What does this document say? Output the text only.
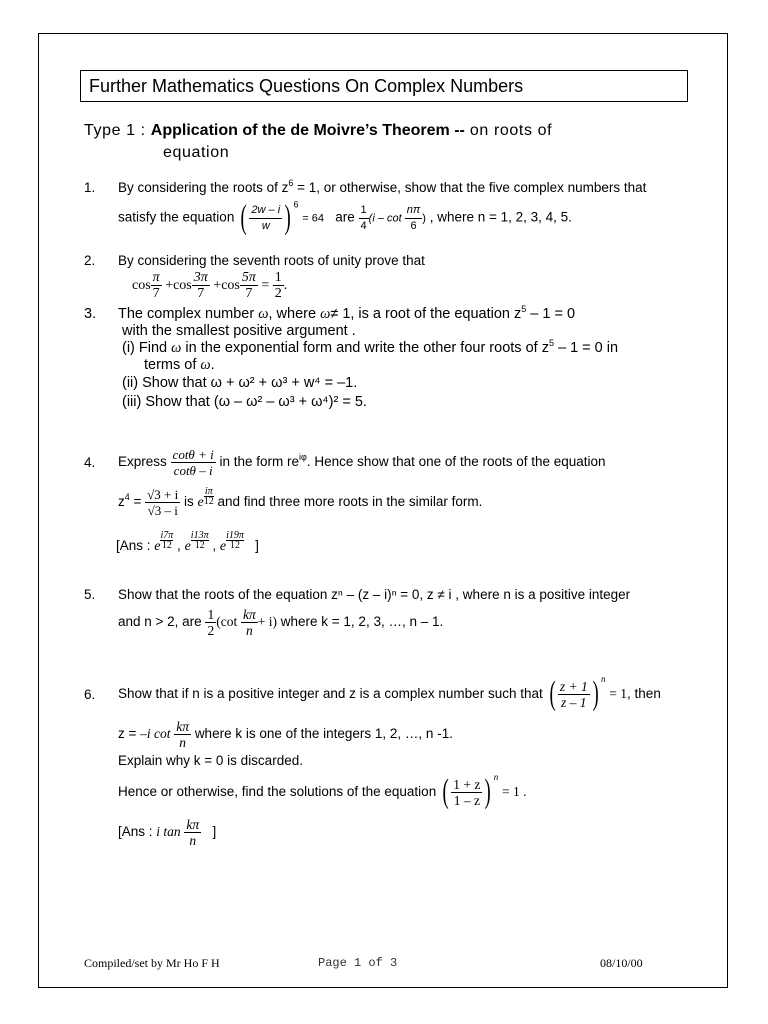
Further Mathematics Questions On Complex Numbers
Type 1 : Application of the de Moivre’s Theorem -- on roots of
equation
1. By considering the roots of $z^6 = 1$, or otherwise, show that the five complex numbers that
satisfy the equation ( $\frac{2w - i}{w}$ ) $^6$ = 64 are $\frac{1}{4} (i$ – $\cot \frac{n\pi}{6}$ ) , where n = 1, 2, 3, 4, 5.
2. By considering the seventh roots of unity prove that
$\cos \frac{\pi}{7} +\cos \frac{3\pi}{7} +\cos \frac{5\pi}{7} = \frac{1}{2}$ .
3. The complex number ω, where ω≠ 1, is a root of the equation $z^5 - 1 = 0$
with the smallest positive argument .
(i) Find ω in the exponential form and write the other four roots of $z^5 - 1 = 0$ in
terms of ω.
(ii) Show that ω + ω² + ω³ + w⁴ = –1.
(iii) Show that (ω – ω² – ω³ + ω⁴)² = 5.
4. Express $\frac{\cot\theta + i}{\cot\theta - i}$ in the form $re^{i\varphi}$. Hence show that one of the roots of the equation
$z^4 = \frac{√3 + i}{√3 - i}$ is e $\frac{i\pi}{12}$ and find three more roots in the similar form.
[Ans : e $\frac{i7\pi}{12}$ , e $\frac{i13\pi}{12}$ , e $\frac{i19\pi}{12}$ ]
5. Show that the roots of the equation zⁿ – (z – i)ⁿ = 0, z ≠ i , where n is a positive integer
and n > 2, are $\frac{1}{2} (\cot \frac{k\pi}{n} + i)$ where k = 1, 2, 3, …, n – 1.
6. Show that if n is a positive integer and z is a complex number such that ( $\frac{z + 1}{z - 1}$ ) $^n$ = 1, then
z = –i $\cot \frac{k\pi}{n}$ where k is one of the integers 1, 2, …, n -1.
Explain why k = 0 is discarded.
Hence or otherwise, find the solutions of the equation ( $\frac{1 + z}{1 - z}$ ) $^n$ = 1 .
[Ans : i $\tan \frac{k\pi}{n}$ ]
Compiled/set by Mr Ho F H	Page 1 of 3	08/10/00
